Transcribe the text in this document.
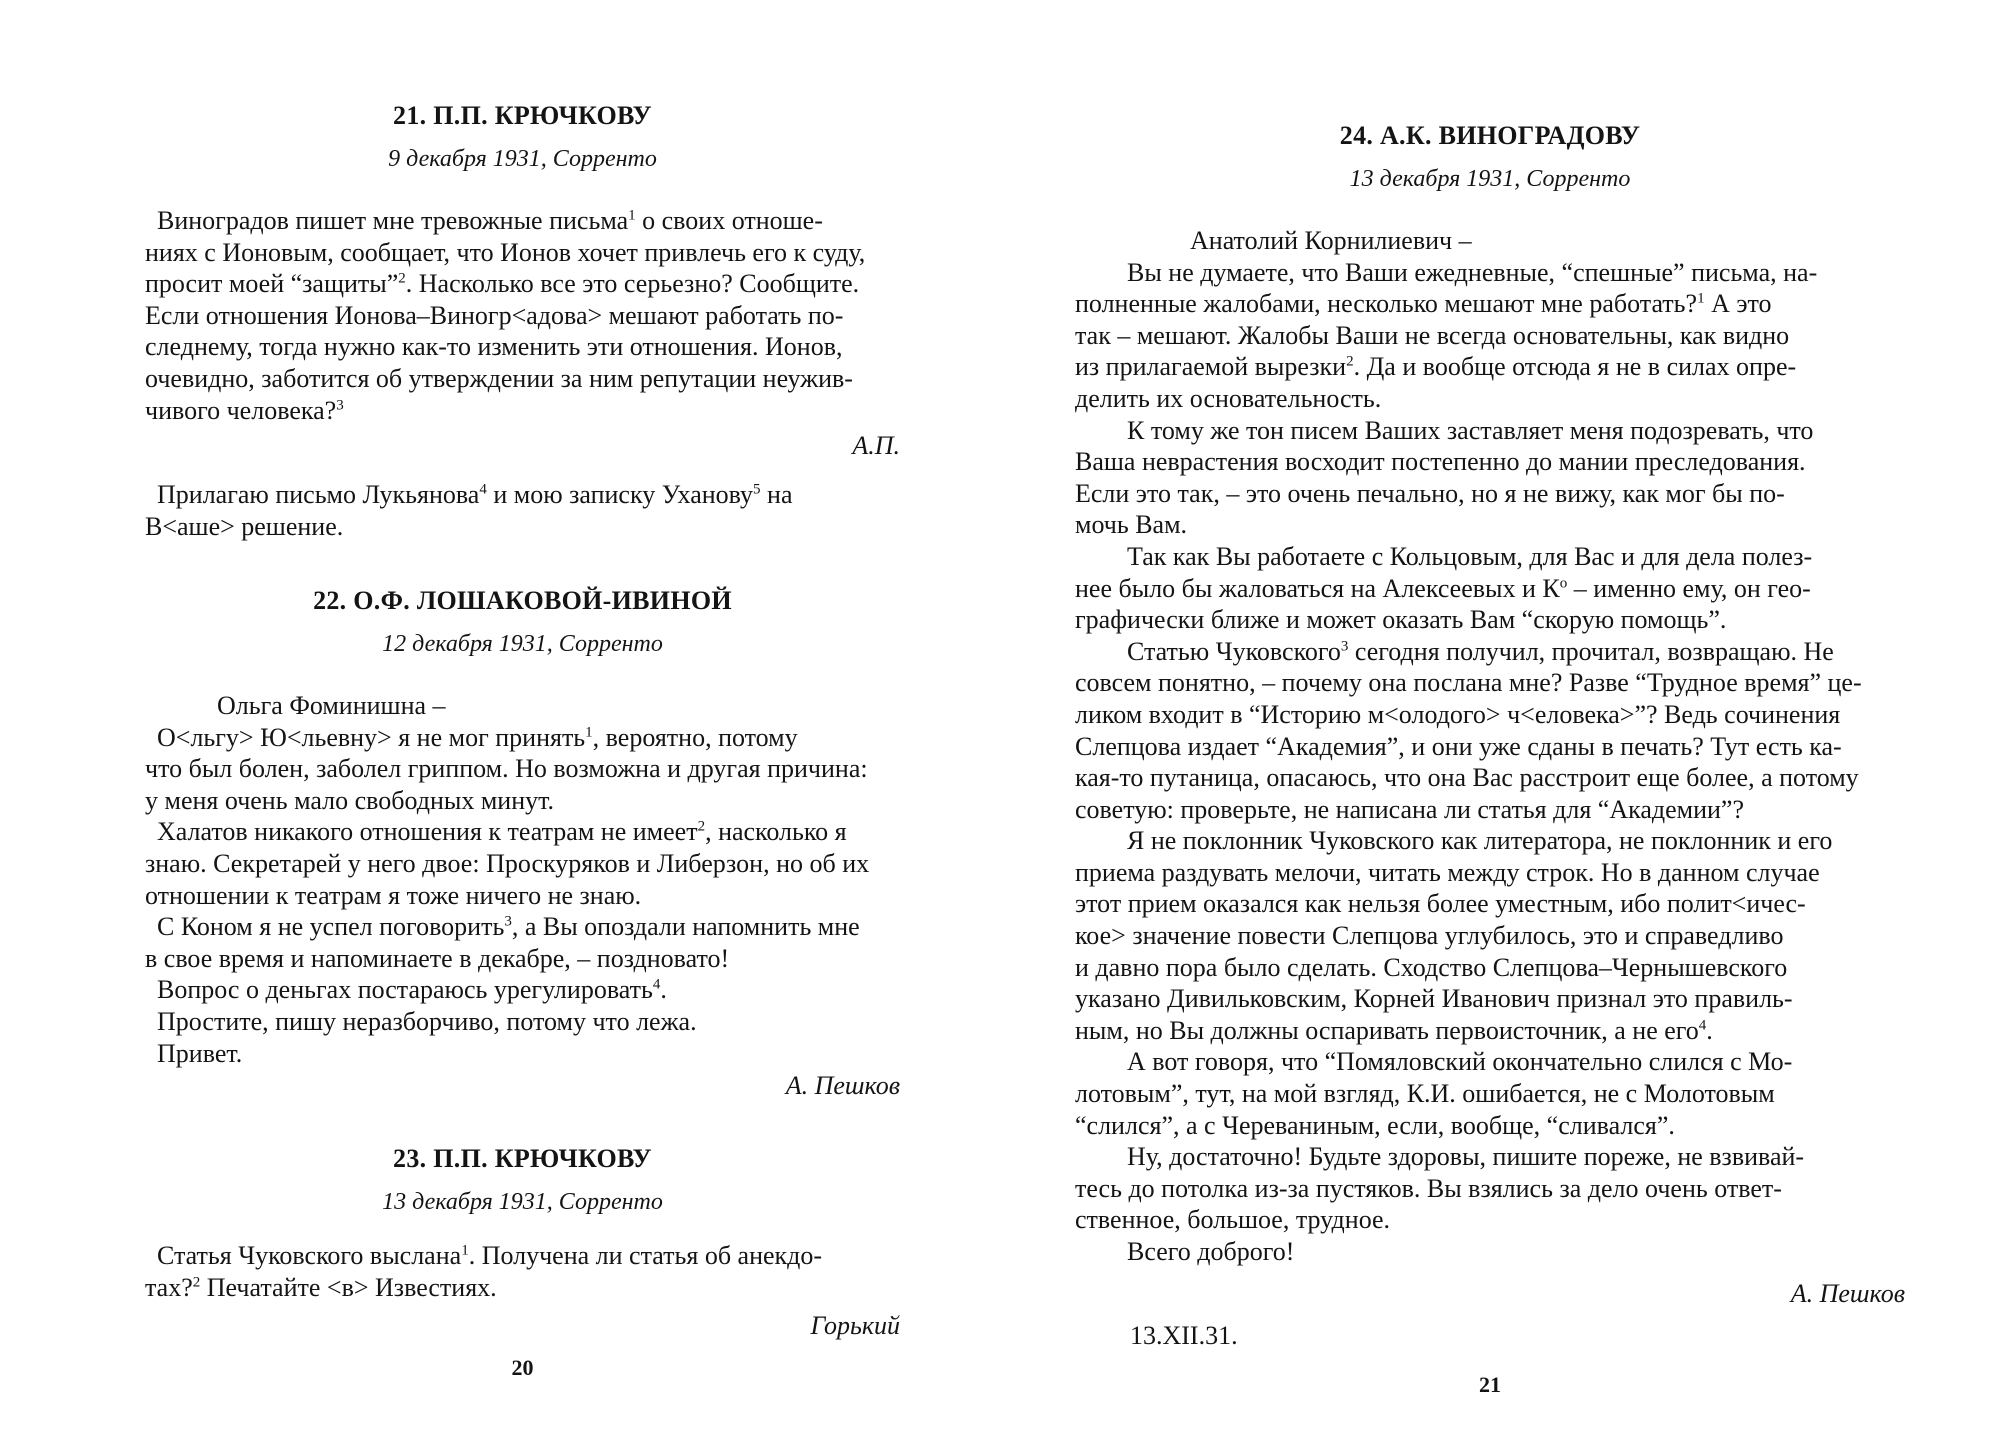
21. П.П. КРЮЧКОВУ

9 декабря 1931, Сорренто

Виноградов пишет мне тревожные письма$^1$ о своих отноше-

ниях с Ионовым, сообщает, что Ионов хочет привлечь его к суду,

просит моей “защиты”$^2$. Насколько все это серьезно? Сообщите.

Если отношения Ионова–Виногр<адова> мешают работать по-

следнему, тогда нужно как-то изменить эти отношения. Ионов,

очевидно, заботится об утверждении за ним репутации неужив-

чивого человека?$^3$

А.П.

Прилагаю письмо Лукьянова$^4$ и мою записку Уханову$^5$ на

В<аше> решение.

22. О.Ф. ЛОШАКОВОЙ-ИВИНОЙ

12 декабря 1931, Сорренто

Ольга Фоминишна –

О<льгу> Ю<льевну> я не мог принять$^1$, вероятно, потому

что был болен, заболел гриппом. Но возможна и другая причина:

у меня очень мало свободных минут.

Халатов никакого отношения к театрам не имеет$^2$, насколько я

знаю. Секретарей у него двое: Проскуряков и Либерзон, но об их

отношении к театрам я тоже ничего не знаю.

С Коном я не успел поговорить$^3$, а Вы опоздали напомнить мне

в свое время и напоминаете в декабре, – поздновато!

Вопрос о деньгах постараюсь урегулировать$^4$.

Простите, пишу неразборчиво, потому что лежа.

Привет.

А. Пешков

23. П.П. КРЮЧКОВУ

13 декабря 1931, Сорренто

Статья Чуковского выслана$^1$. Получена ли статья об анекдо-

тах?$^2$ Печатайте <в> Известиях.

Горький

20

24. А.К. ВИНОГРАДОВУ

13 декабря 1931, Сорренто

Анатолий Корнилиевич –

Вы не думаете, что Ваши ежедневные, “спешные” письма, на-

полненные жалобами, несколько мешают мне работать?$^1$ А это

так – мешают. Жалобы Ваши не всегда основательны, как видно

из прилагаемой вырезки$^2$. Да и вообще отсюда я не в силах опре-

делить их основательность.

К тому же тон писем Ваших заставляет меня подозревать, что

Ваша неврастения восходит постепенно до мании преследования.

Если это так, – это очень печально, но я не вижу, как мог бы по-

мочь Вам.

Так как Вы работаете с Кольцовым, для Вас и для дела полез-

нее было бы жаловаться на Алексеевых и $К^о$ – именно ему, он гео-

графически ближе и может оказать Вам “скорую помощь”.

Статью Чуковского$^3$ сегодня получил, прочитал, возвращаю. Не

совсем понятно, – почему она послана мне? Разве “Трудное время” це-

ликом входит в “Историю м<олодого> ч<еловека>”? Ведь сочинения

Слепцова издает “Академия”, и они уже сданы в печать? Тут есть ка-

кая-то путаница, опасаюсь, что она Вас расстроит еще более, а потому

советую: проверьте, не написана ли статья для “Академии”?

Я не поклонник Чуковского как литератора, не поклонник и его

приема раздувать мелочи, читать между строк. Но в данном случае

этот прием оказался как нельзя более уместным, ибо полит<ичес-

кое> значение повести Слепцова углубилось, это и справедливо

и давно пора было сделать. Сходство Слепцова–Чернышевского

указано Дивильковским, Корней Иванович признал это правиль-

ным, но Вы должны оспаривать первоисточник, а не его$^4$.

А вот говоря, что “Помяловский окончательно слился с Мо-

лотовым”, тут, на мой взгляд, К.И. ошибается, не с Молотовым

“слился”, а с Череваниным, если, вообще, “сливался”.

Ну, достаточно! Будьте здоровы, пишите пореже, не взвивай-

тесь до потолка из-за пустяков. Вы взялись за дело очень ответ-

ственное, большое, трудное.

Всего доброго!

А. Пешков

13.XII.31.

21
